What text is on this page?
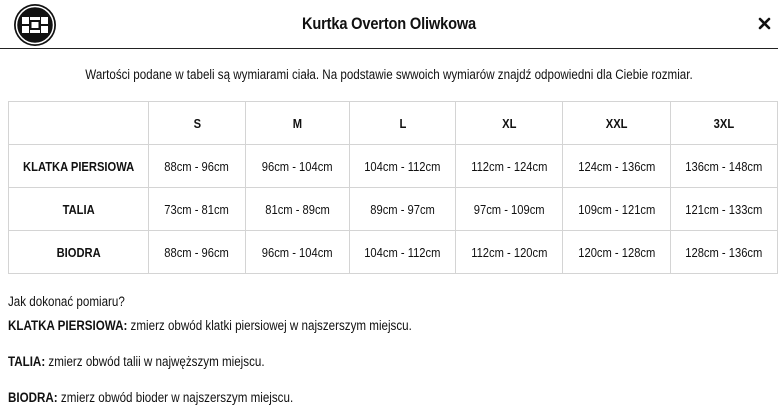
Kurtka Overton Oliwkowa
Wartości podane w tabeli są wymiarami ciała. Na podstawie swwoich wymiarów znajdź odpowiedni dla Ciebie rozmiar.
	S	M	L	XL	XXL	3XL
KLATKA PIERSIOWA	88cm - 96cm	96cm - 104cm	104cm - 112cm	112cm - 124cm	124cm - 136cm	136cm - 148cm
TALIA	73cm - 81cm	81cm - 89cm	89cm - 97cm	97cm - 109cm	109cm - 121cm	121cm - 133cm
BIODRA	88cm - 96cm	96cm - 104cm	104cm - 112cm	112cm - 120cm	120cm - 128cm	128cm - 136cm
Jak dokonać pomiaru?
KLATKA PIERSIOWA: zmierz obwód klatki piersiowej w najszerszym miejscu.
TALIA: zmierz obwód talii w najwęższym miejscu.
BIODRA: zmierz obwód bioder w najszerszym miejscu.
